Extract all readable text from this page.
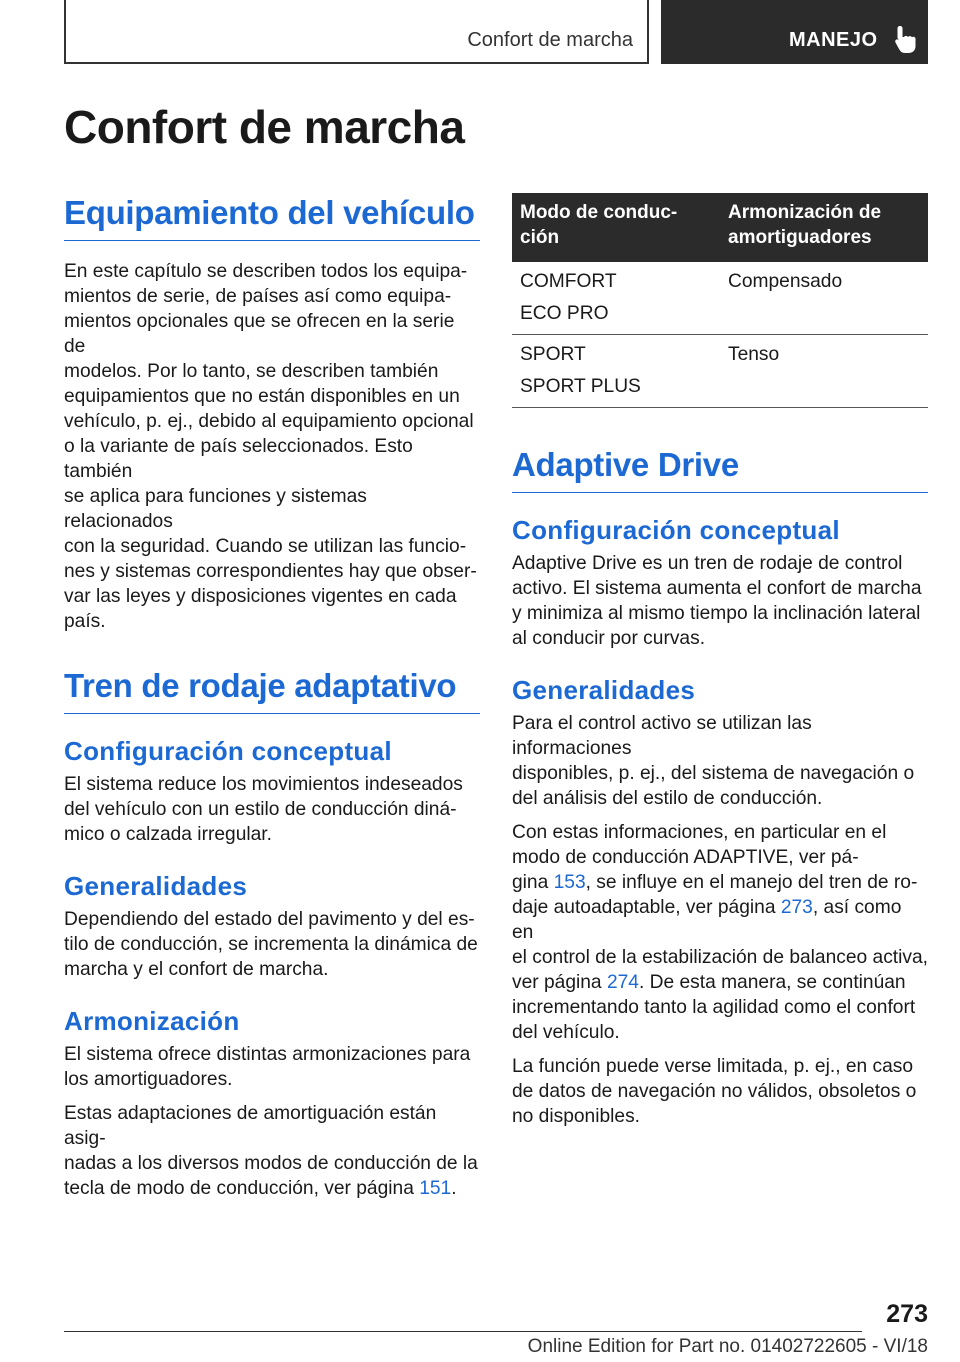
Confort de marcha	MANEJO
Confort de marcha
Equipamiento del vehículo

En este capítulo se describen todos los equipa-
mientos de serie, de países así como equipa-
mientos opcionales que se ofrecen en la serie de
modelos. Por lo tanto, se describen también
equipamientos que no están disponibles en un
vehículo, p. ej., debido al equipamiento opcional
o la variante de país seleccionados. Esto también
se aplica para funciones y sistemas relacionados
con la seguridad. Cuando se utilizan las funcio-
nes y sistemas correspondientes hay que obser-
var las leyes y disposiciones vigentes en cada
país.

Tren de rodaje adaptativo
Configuración conceptual

El sistema reduce los movimientos indeseados
del vehículo con un estilo de conducción diná-
mico o calzada irregular.

Generalidades

Dependiendo del estado del pavimento y del es-
tilo de conducción, se incrementa la dinámica de
marcha y el confort de marcha.

Armonización

El sistema ofrece distintas armonizaciones para
los amortiguadores.

Estas adaptaciones de amortiguación están asig-
nadas a los diversos modos de conducción de la
tecla de modo de conducción, ver página 151.

Modo de conduc-
ción	Armonización de
amortiguadores

COMFORT
ECO PRO	Compensado

SPORT
SPORT PLUS	Tenso
Adaptive Drive
Configuración conceptual

Adaptive Drive es un tren de rodaje de control
activo. El sistema aumenta el confort de marcha
y minimiza al mismo tiempo la inclinación lateral
al conducir por curvas.

Generalidades

Para el control activo se utilizan las informaciones
disponibles, p. ej., del sistema de navegación o
del análisis del estilo de conducción.

Con estas informaciones, en particular en el
modo de conducción ADAPTIVE, ver pá-
gina 153, se influye en el manejo del tren de ro-
daje autoadaptable, ver página 273, así como en
el control de la estabilización de balanceo activa,
ver página 274. De esta manera, se continúan
incrementando tanto la agilidad como el confort
del vehículo.

La función puede verse limitada, p. ej., en caso
de datos de navegación no válidos, obsoletos o
no disponibles.

273
Online Edition for Part no. 01402722605 - VI/18
